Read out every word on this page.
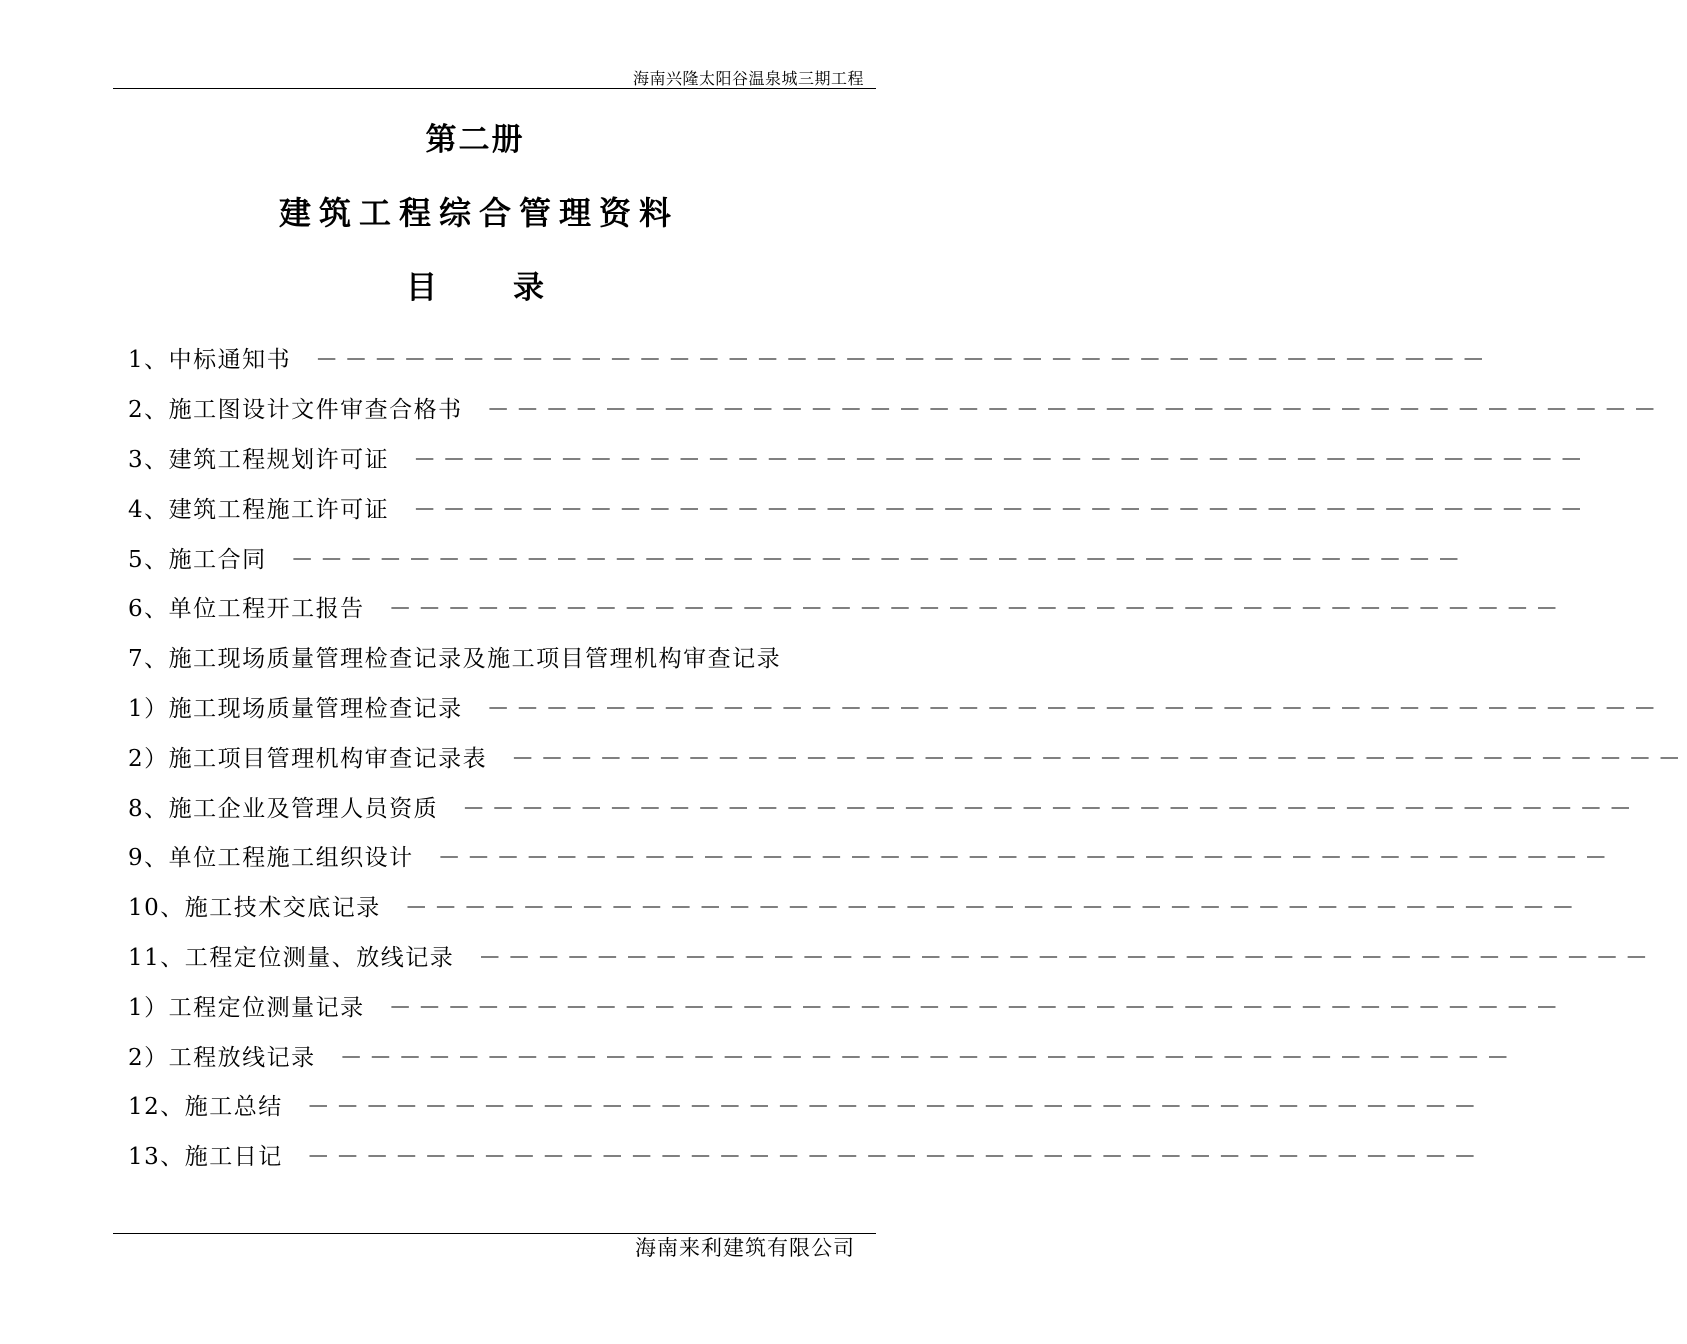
海南兴隆太阳谷温泉城三期工程
第二册
建筑工程综合管理资料
目 录
1、中标通知书 －－－－－－－－－－－－－－－－－－－－－－－－－－－－－－－－－－－－－－－－
2、施工图设计文件审查合格书 －－－－－－－－－－－－－－－－－－－－－－－－－－－－－－－－－－－－－－－－
3、建筑工程规划许可证 －－－－－－－－－－－－－－－－－－－－－－－－－－－－－－－－－－－－－－－－
4、建筑工程施工许可证 －－－－－－－－－－－－－－－－－－－－－－－－－－－－－－－－－－－－－－－－
5、施工合同 －－－－－－－－－－－－－－－－－－－－－－－－－－－－－－－－－－－－－－－－
6、单位工程开工报告 －－－－－－－－－－－－－－－－－－－－－－－－－－－－－－－－－－－－－－－－
7、施工现场质量管理检查记录及施工项目管理机构审查记录
1）施工现场质量管理检查记录 －－－－－－－－－－－－－－－－－－－－－－－－－－－－－－－－－－－－－－－－
2）施工项目管理机构审查记录表 －－－－－－－－－－－－－－－－－－－－－－－－－－－－－－－－－－－－－－－－
8、施工企业及管理人员资质 －－－－－－－－－－－－－－－－－－－－－－－－－－－－－－－－－－－－－－－－
9、单位工程施工组织设计 －－－－－－－－－－－－－－－－－－－－－－－－－－－－－－－－－－－－－－－－
10、施工技术交底记录 －－－－－－－－－－－－－－－－－－－－－－－－－－－－－－－－－－－－－－－－
11、工程定位测量、放线记录 －－－－－－－－－－－－－－－－－－－－－－－－－－－－－－－－－－－－－－－－
1）工程定位测量记录 －－－－－－－－－－－－－－－－－－－－－－－－－－－－－－－－－－－－－－－－
2）工程放线记录 －－－－－－－－－－－－－－－－－－－－－－－－－－－－－－－－－－－－－－－－
12、施工总结 －－－－－－－－－－－－－－－－－－－－－－－－－－－－－－－－－－－－－－－－
13、施工日记 －－－－－－－－－－－－－－－－－－－－－－－－－－－－－－－－－－－－－－－－
海南来利建筑有限公司
